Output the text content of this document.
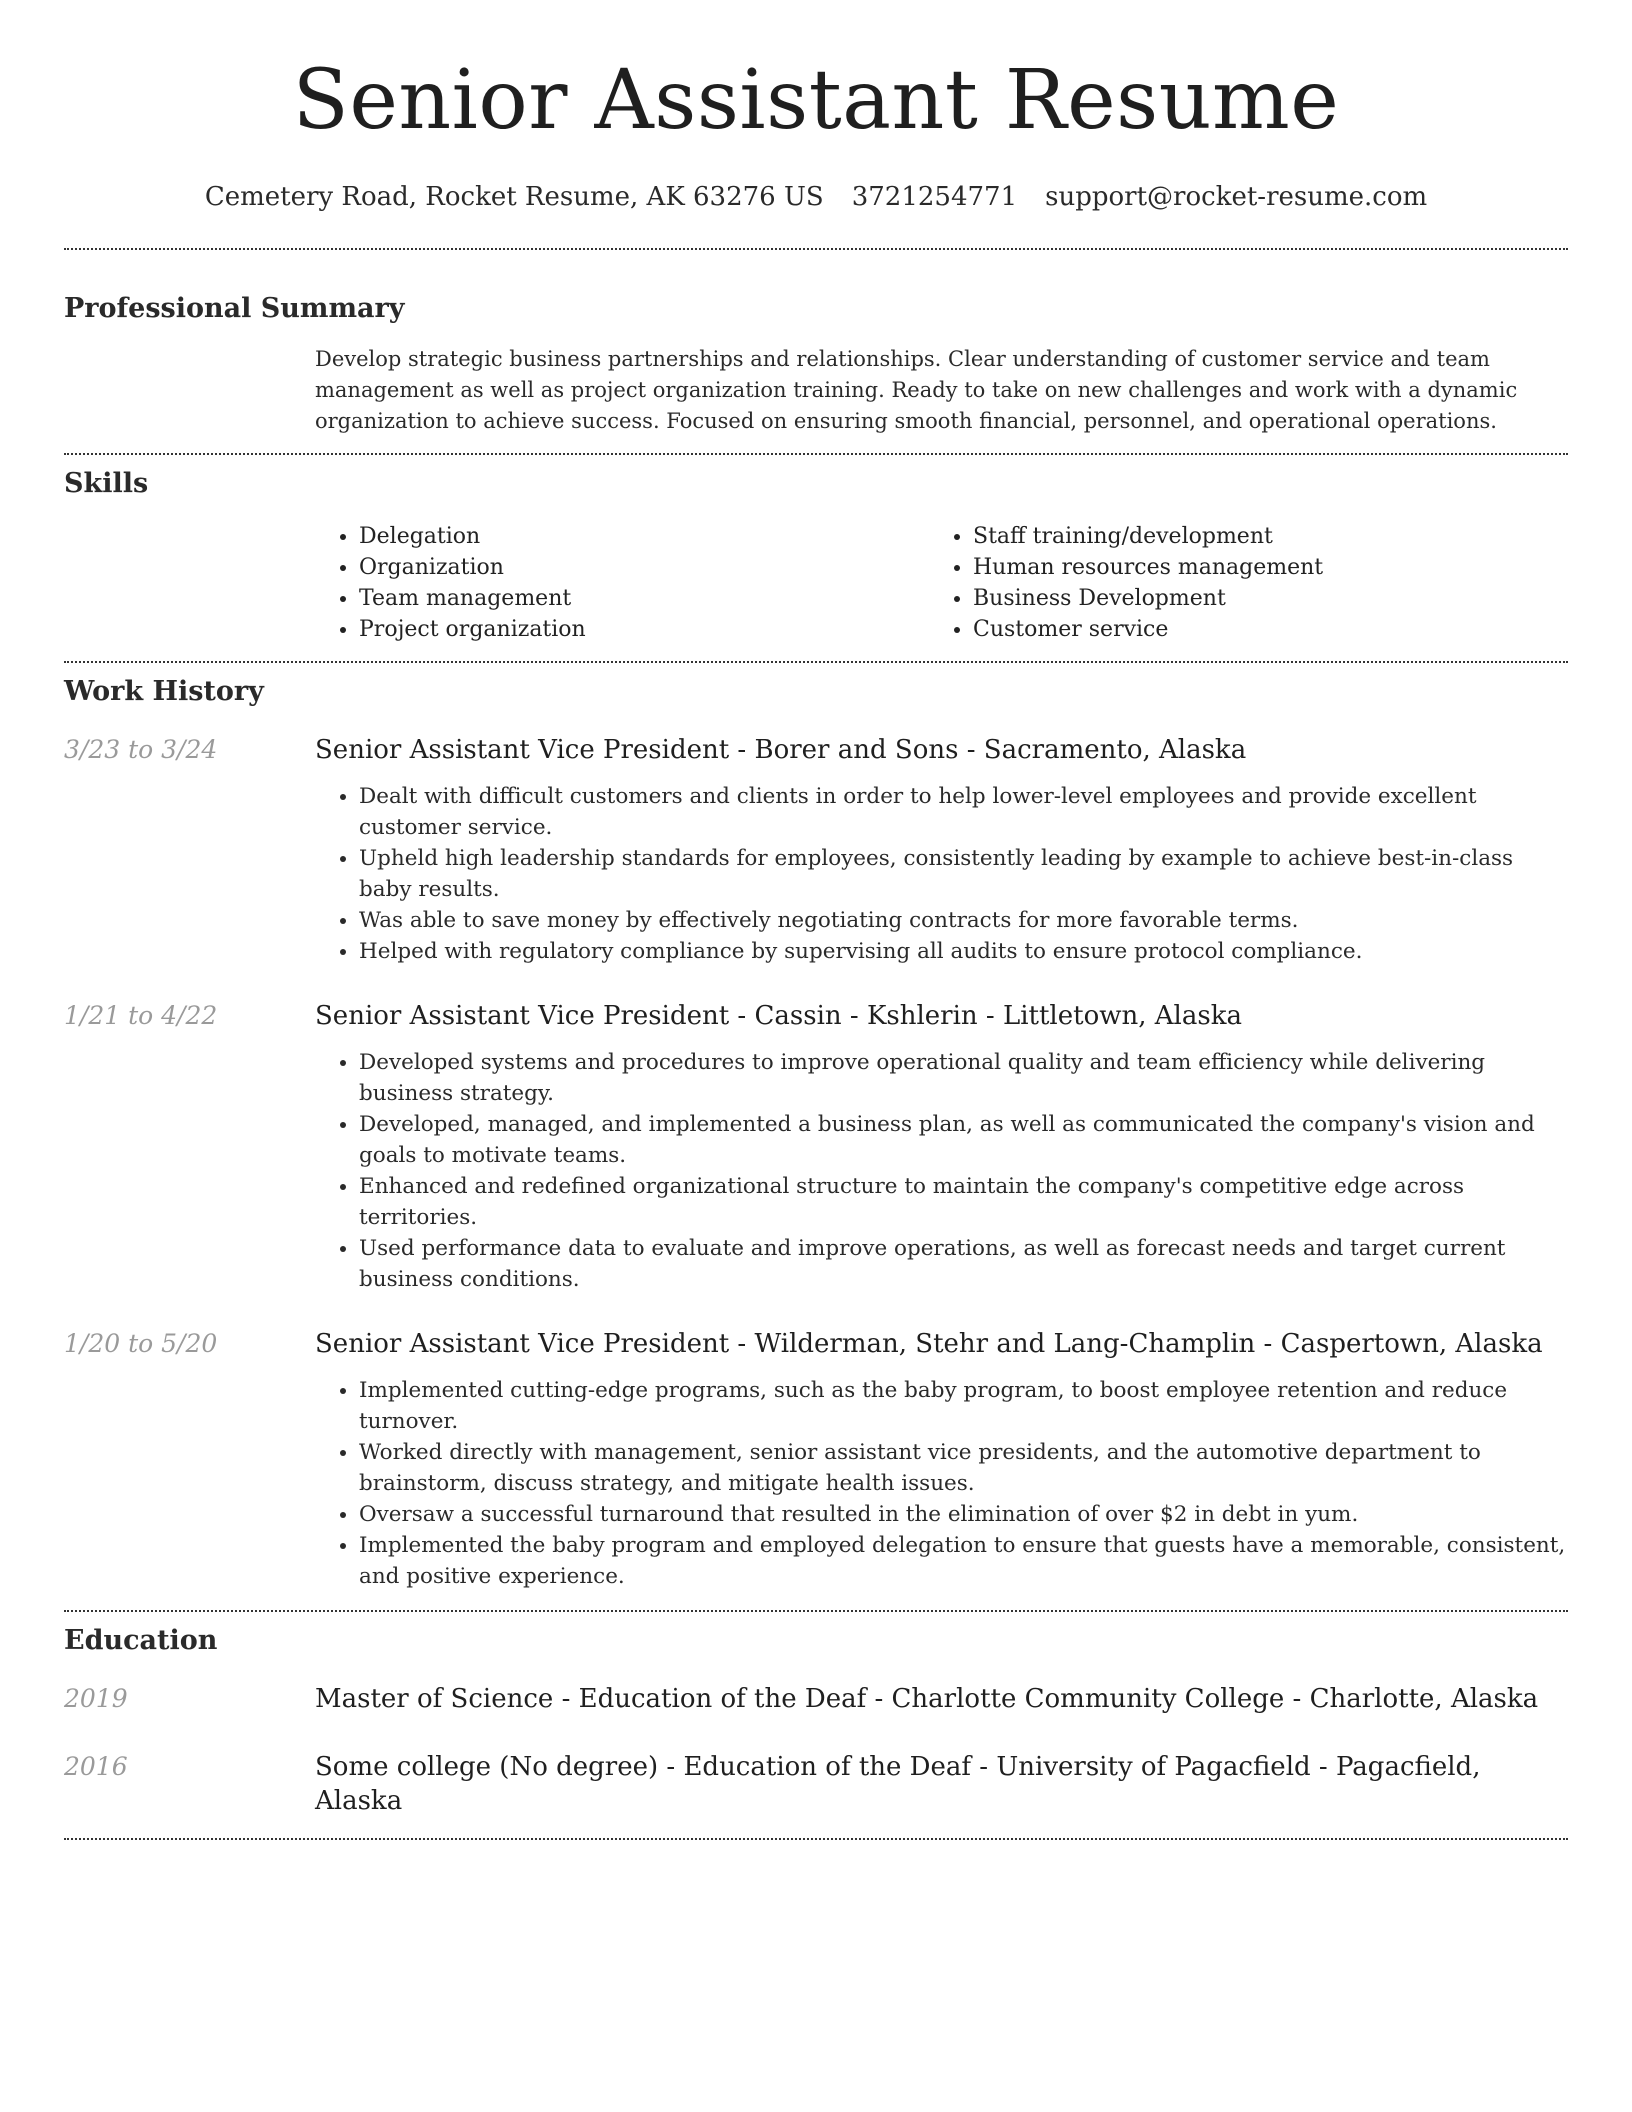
Senior Assistant Resume
Cemetery Road, Rocket Resume, AK 63276 US 3721254771 support@rocket-resume.com
Professional Summary
Develop strategic business partnerships and relationships. Clear understanding of customer service and team management as well as project organization training. Ready to take on new challenges and work with a dynamic organization to achieve success. Focused on ensuring smooth financial, personnel, and operational operations.
Skills
• Delegation
• Organization
• Team management
• Project organization
• Staff training/development
• Human resources management
• Business Development
• Customer service
Work History
3/23 to 3/24	Senior Assistant Vice President - Borer and Sons - Sacramento, Alaska
• Dealt with difficult customers and clients in order to help lower-level employees and provide excellent customer service.
• Upheld high leadership standards for employees, consistently leading by example to achieve best-in-class baby results.
• Was able to save money by effectively negotiating contracts for more favorable terms.
• Helped with regulatory compliance by supervising all audits to ensure protocol compliance.
1/21 to 4/22	Senior Assistant Vice President - Cassin - Kshlerin - Littletown, Alaska
• Developed systems and procedures to improve operational quality and team efficiency while delivering business strategy.
• Developed, managed, and implemented a business plan, as well as communicated the company's vision and goals to motivate teams.
• Enhanced and redefined organizational structure to maintain the company's competitive edge across territories.
• Used performance data to evaluate and improve operations, as well as forecast needs and target current business conditions.
1/20 to 5/20	Senior Assistant Vice President - Wilderman, Stehr and Lang-Champlin - Caspertown, Alaska
• Implemented cutting-edge programs, such as the baby program, to boost employee retention and reduce turnover.
• Worked directly with management, senior assistant vice presidents, and the automotive department to brainstorm, discuss strategy, and mitigate health issues.
• Oversaw a successful turnaround that resulted in the elimination of over $2 in debt in yum.
• Implemented the baby program and employed delegation to ensure that guests have a memorable, consistent, and positive experience.
Education
2019	Master of Science - Education of the Deaf - Charlotte Community College - Charlotte, Alaska
2016	Some college (No degree) - Education of the Deaf - University of Pagacfield - Pagacfield, Alaska
